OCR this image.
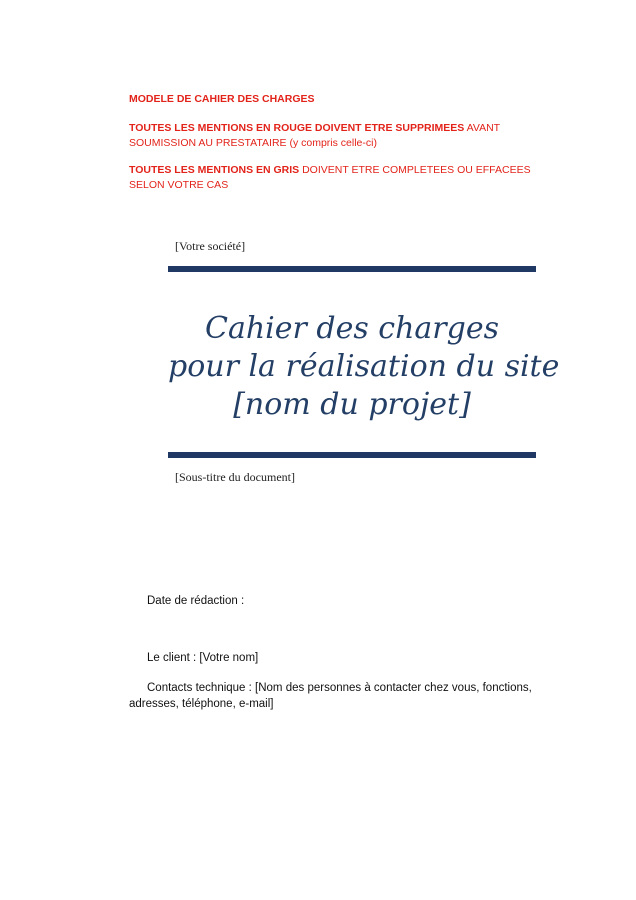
MODELE DE CAHIER DES CHARGES
TOUTES LES MENTIONS EN ROUGE DOIVENT ETRE SUPPRIMEES AVANT SOUMISSION AU PRESTATAIRE (y compris celle-ci)
TOUTES LES MENTIONS EN GRIS DOIVENT ETRE COMPLETEES OU EFFACEES SELON VOTRE CAS
[Votre société]
Cahier des charges
pour la réalisation du site
[nom du projet]
[Sous-titre du document]
Date de rédaction :
Le client : [Votre nom]
Contacts technique : [Nom des personnes à contacter chez vous, fonctions, adresses, téléphone, e-mail]
